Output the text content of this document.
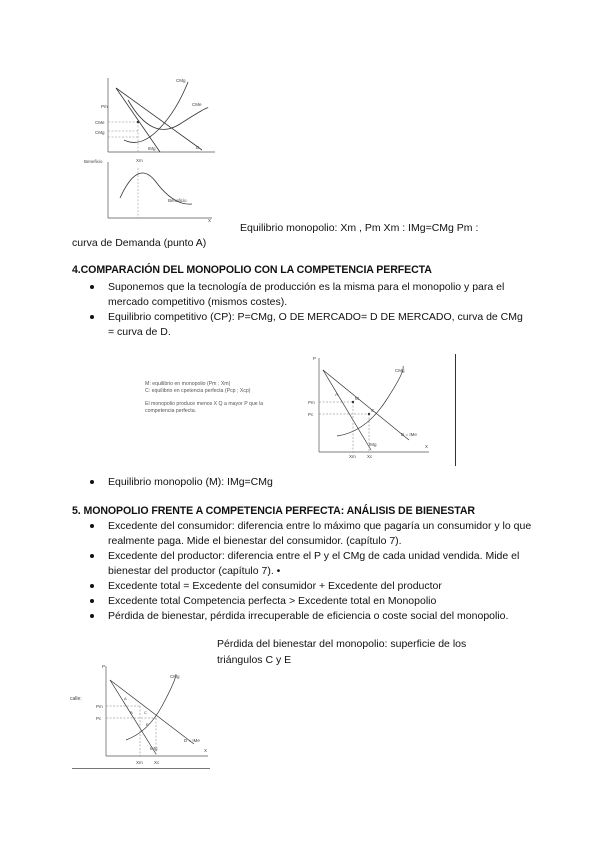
CMg
CMe
Pm
CMe
CMg
D
IMg
Xm
Beneficio
Beneficio
X
Equilibrio monopolio: Xm , Pm Xm : IMg=CMg Pm :
curva de Demanda (punto A)
4.COMPARACIÓN DEL MONOPOLIO CON LA COMPETENCIA PERFECTA
Suponemos que la tecnología de producción es la misma para el monopolio y para el mercado competitivo (mismos costes).
Equilibrio competitivo (CP): P=CMg, O DE MERCADO= D DE MERCADO, curva de CMg = curva de D.
M: equilibrio en monopolio (Pm ; Xm)
C: equilibrio en cpetencia perfecta (Pcp ; Xcp)
El monopolio produce menos X Q a mayor P que la
competencia perfecta.
P
CMg
Pm
Pc
M
C
A
D = IMe
IMg
Xm	Xc
X
Equilibrio monopolio (M): IMg=CMg
5. MONOPOLIO FRENTE A COMPETENCIA PERFECTA: ANÁLISIS DE BIENESTAR
Excedente del consumidor: diferencia entre lo máximo que pagaría un consumidor y lo que realmente paga. Mide el bienestar del consumidor. (capítulo 7).
Excedente del productor: diferencia entre el P y el CMg de cada unidad vendida. Mide el bienestar del productor (capítulo 7). •
Excedente total = Excedente del consumidor + Excedente del productor
Excedente total Competencia perfecta > Excedente total en Monopolio
Pérdida de bienestar, pérdida irrecuperable de eficiencia o coste social del monopolio.
Pérdida del bienestar del monopolio: superficie de los
triángulos C y E
P
CMg
calle:
Pm
Pc
A
B	C
E
D = IMe
IMg
Xm	Xc
X
